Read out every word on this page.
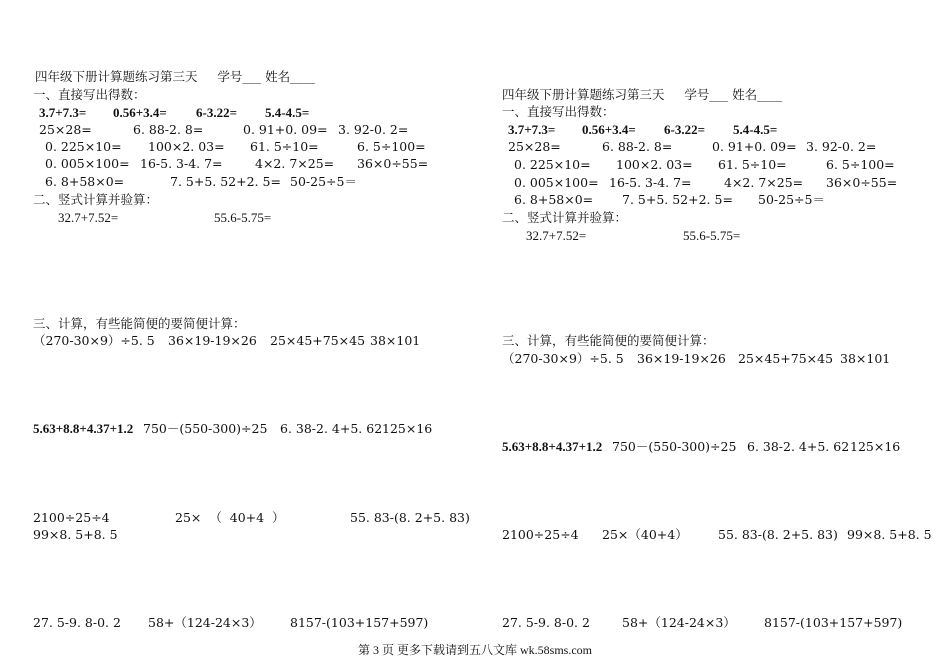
四年级下册计算题练习第三天     学号___ 姓名____
一、直接写出得数：
3.7+7.3= 0.56+3.4= 6-3.22= 5.4-4.5=
25×28=	6. 88-2. 8=	0. 91+0. 09= 3. 92-0. 2=
0. 225×10= 100×2. 03= 61. 5÷10=	6. 5÷100=
0. 005×100= 16-5. 3-4. 7=	4×2. 7×25= 36×0÷55=
6. 8+58×0=	7. 5+5. 52+2. 5= 50-25÷5＝
二、竖式计算并验算：
32.7+7.52=	55.6-5.75=
三、计算，有些能简便的要简便计算：
（270-30×9）÷5. 5 36×19-19×26 25×45+75×45 38×101
5.63+8.8+4.37+1.2 750－(550-300)÷25 6. 38-2. 4+5. 62 125×16
2100÷25÷4	25×  （  40+4  ）	55. 83-(8. 2+5. 83)
99×8. 5+8. 5
27. 5-9. 8-0. 2 58+（124-24×3） 8157-(103+157+597)
四年级下册计算题练习第三天     学号___ 姓名____
一、直接写出得数：
3.7+7.3= 0.56+3.4= 6-3.22= 5.4-4.5=
25×28=	6. 88-2. 8=	0. 91+0. 09= 3. 92-0. 2=
0. 225×10= 100×2. 03= 61. 5÷10=	6. 5÷100=
0. 005×100= 16-5. 3-4. 7=	4×2. 7×25= 36×0÷55=
6. 8+58×0= 7. 5+5. 52+2. 5= 50-25÷5＝
二、竖式计算并验算：
32.7+7.52=	55.6-5.75=
三、计算，有些能简便的要简便计算：
（270-30×9）÷5. 5 36×19-19×26 25×45+75×45 38×101
5.63+8.8+4.37+1.2 750－(550-300)÷25 6. 38-2. 4+5. 62 125×16
2100÷25÷4 25×（40+4） 55. 83-(8. 2+5. 83) 99×8. 5+8. 5
27. 5-9. 8-0. 2	58+（124-24×3） 8157-(103+157+597)
第 3 页 更多下载请到五八文库 wk.58sms.com
